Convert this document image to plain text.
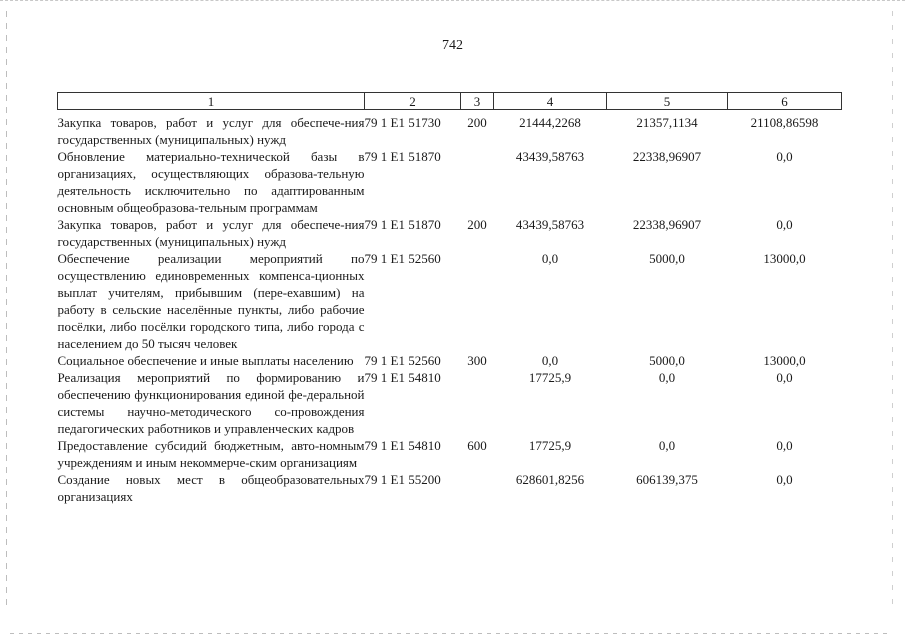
742
1	2	3	4	5	6

Закупка товаров, работ и услуг для обеспече-ния государственных (муниципальных) нужд	79 1 E1 51730	200	21444,2268	21357,1134	21108,86598
Обновление материально-технической базы в организациях, осуществляющих образова-тельную деятельность исключительно по адаптированным основным общеобразова-тельным программам	79 1 E1 51870		43439,58763	22338,96907	0,0
Закупка товаров, работ и услуг для обеспече-ния государственных (муниципальных) нужд	79 1 E1 51870	200	43439,58763	22338,96907	0,0
Обеспечение реализации мероприятий по осуществлению единовременных компенса-ционных выплат учителям, прибывшим (пере-ехавшим) на работу в сельские населённые пункты, либо рабочие посёлки, либо посёлки городского типа, либо города с населением до 50 тысяч человек	79 1 E1 52560		0,0	5000,0	13000,0
Социальное обеспечение и иные выплаты населению	79 1 E1 52560	300	0,0	5000,0	13000,0
Реализация мероприятий по формированию и обеспечению функционирования единой фе-деральной системы научно-методического со-провождения педагогических работников и управленческих кадров	79 1 E1 54810		17725,9	0,0	0,0
Предоставление субсидий бюджетным, авто-номным учреждениям и иным некоммерче-ским организациям	79 1 E1 54810	600	17725,9	0,0	0,0
Создание новых мест в общеобразовательных организациях	79 1 E1 55200		628601,8256	606139,375	0,0
